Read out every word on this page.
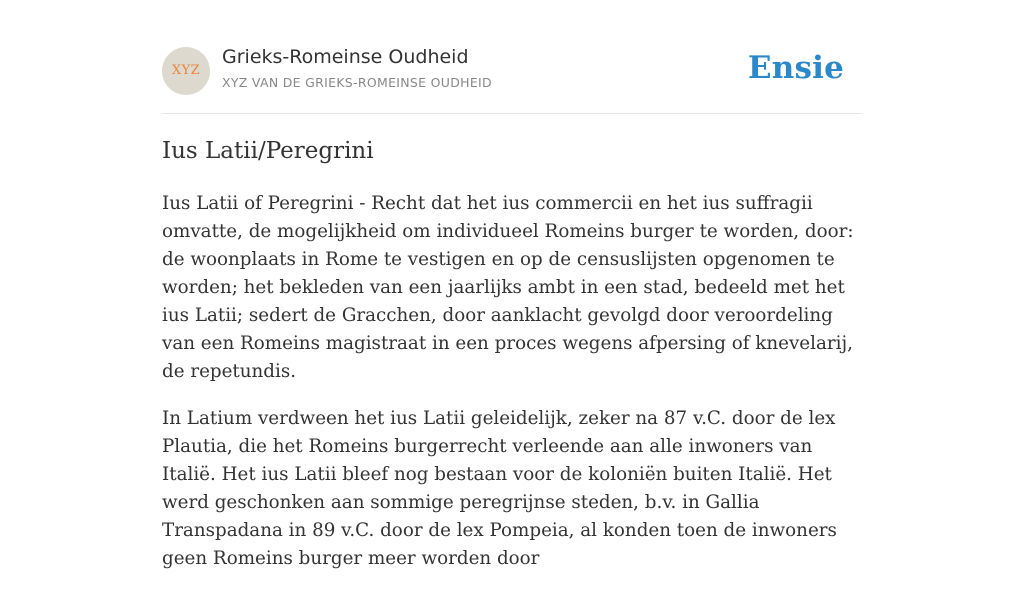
XYZ
Grieks-Romeinse Oudheid
XYZ VAN DE GRIEKS-ROMEINSE OUDHEID	Ensie
Ius Latii/Peregrini

Ius Latii of Peregrini - Recht dat het ius commercii en het ius suffragii omvatte, de mogelijkheid om individueel Romeins burger te worden, door: de woonplaats in Rome te vestigen en op de censuslijsten opgenomen te worden; het bekleden van een jaarlijks ambt in een stad, bedeeld met het ius Latii; sedert de Gracchen, door aanklacht gevolgd door veroordeling van een Romeins magistraat in een proces wegens afpersing of knevelarij, de repetundis.

In Latium verdween het ius Latii geleidelijk, zeker na 87 v.C. door de lex Plautia, die het Romeins burgerrecht verleende aan alle inwoners van Italië. Het ius Latii bleef nog bestaan voor de koloniën buiten Italië. Het werd geschonken aan sommige peregrijnse steden, b.v. in Gallia Transpadana in 89 v.C. door de lex Pompeia, al konden toen de inwoners geen Romeins burger meer worden door
